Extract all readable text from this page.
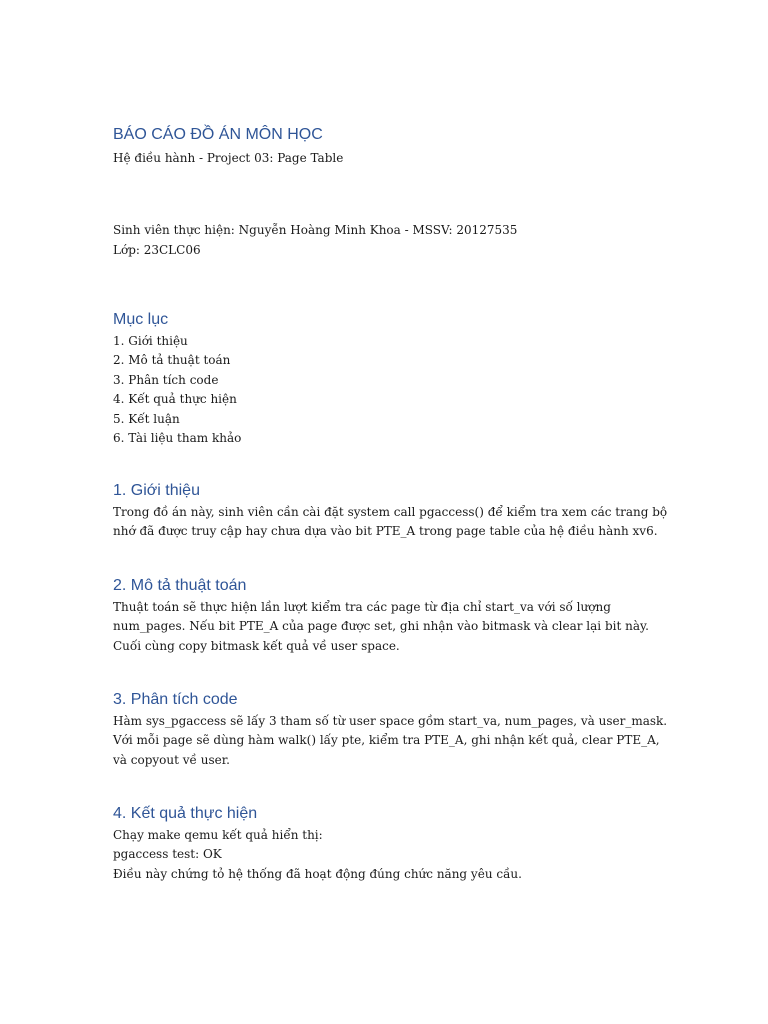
BÁO CÁO ĐỒ ÁN MÔN HỌC
Hệ điều hành - Project 03: Page Table
Sinh viên thực hiện: Nguyễn Hoàng Minh Khoa - MSSV: 20127535
Lớp: 23CLC06
Mục lục
1. Giới thiệu
2. Mô tả thuật toán
3. Phân tích code
4. Kết quả thực hiện
5. Kết luận
6. Tài liệu tham khảo
1. Giới thiệu
Trong đồ án này, sinh viên cần cài đặt system call pgaccess() để kiểm tra xem các trang bộ
nhớ đã được truy cập hay chưa dựa vào bit PTE_A trong page table của hệ điều hành xv6.
2. Mô tả thuật toán
Thuật toán sẽ thực hiện lần lượt kiểm tra các page từ địa chỉ start_va với số lượng
num_pages. Nếu bit PTE_A của page được set, ghi nhận vào bitmask và clear lại bit này.
Cuối cùng copy bitmask kết quả về user space.
3. Phân tích code
Hàm sys_pgaccess sẽ lấy 3 tham số từ user space gồm start_va, num_pages, và user_mask.
Với mỗi page sẽ dùng hàm walk() lấy pte, kiểm tra PTE_A, ghi nhận kết quả, clear PTE_A,
và copyout về user.
4. Kết quả thực hiện
Chạy make qemu kết quả hiển thị:
pgaccess test: OK
Điều này chứng tỏ hệ thống đã hoạt động đúng chức năng yêu cầu.
